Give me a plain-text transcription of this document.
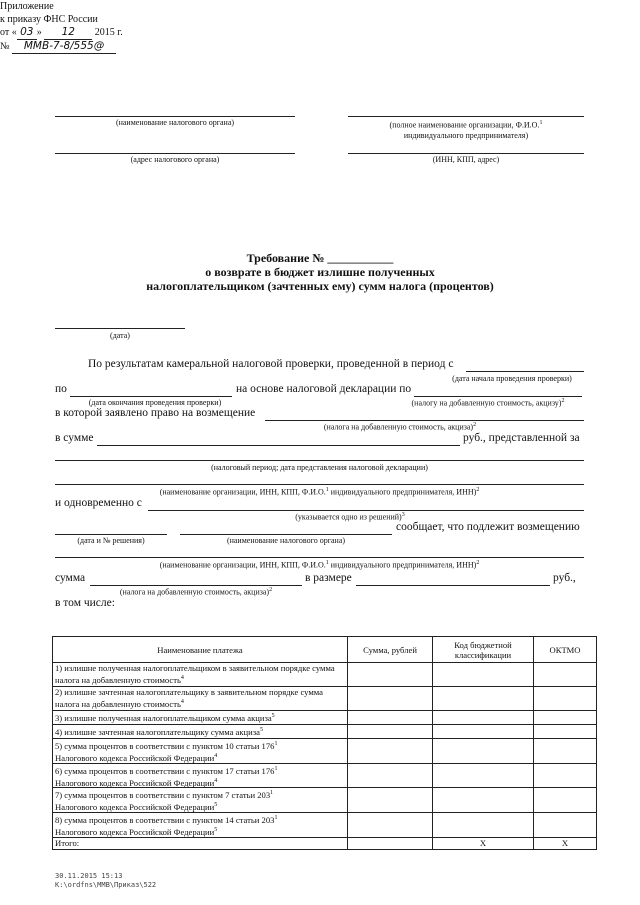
Приложение
к приказу ФНС России
от « 03 » 12 2015 г.
№ ММВ-7-8/555@
(наименование налогового органа)
(адрес налогового органа)
(полное наименование организации, Ф.И.О.$^1$
индивидуального предпринимателя)
(ИНН, КПП, адрес)
Требование № ___________
о возврате в бюджет излишне полученных
налогоплательщиком (зачтенных ему) сумм налога (процентов)
(дата)
По результатам камеральной налоговой проверки, проведенной в период с
(дата начала проведения проверки)
по	на основе налоговой декларации по
(дата окончания проведения проверки)	(налогу на добавленную стоимость, акцизу)$^2$
в которой заявлено право на возмещение
(налога на добавленную стоимость, акциза)$^2$
в сумме	руб., представленной за
(налоговый период; дата представления налоговой декларации)
(наименование организации, ИНН, КПП, Ф.И.О.$^1$ индивидуального предпринимателя, ИНН)$^2$
и одновременно с
(указывается одно из решений)$^3$
сообщает, что подлежит возмещению
(дата и № решения)	(наименование налогового органа)
(наименование организации, ИНН, КПП, Ф.И.О.$^1$ индивидуального предпринимателя, ИНН)$^2$
сумма	в размере	руб.,
(налога на добавленную стоимость, акциза)$^2$
в том числе:
Наименование платежа	Сумма, рублей	Код бюджетной классификации	ОКТМО
1) излишне полученная налогоплательщиком в заявительном порядке сумма налога на добавленную стоимость$^4$			
2) излишне зачтенная налогоплательщику в заявительном порядке сумма налога на добавленную стоимость$^4$			
3) излишне полученная налогоплательщиком сумма акциза$^5$			
4) излишне зачтенная налогоплательщику сумма акциза$^5$			
5) сумма процентов в соответствии с пунктом 10 статьи $176^1$
Налогового кодекса Российской Федерации$^4$			
6) сумма процентов в соответствии с пунктом 17 статьи $176^1$
Налогового кодекса Российской Федерации$^4$			
7) сумма процентов в соответствии с пунктом 7 статьи $203^1$
Налогового кодекса Российской Федерации$^5$			
8) сумма процентов в соответствии с пунктом 14 статьи $203^1$
Налогового кодекса Российской Федерации$^5$			
Итого:		Х	Х
30.11.2015 15:13
К:\ordfns\ММВ\Приказ\522
